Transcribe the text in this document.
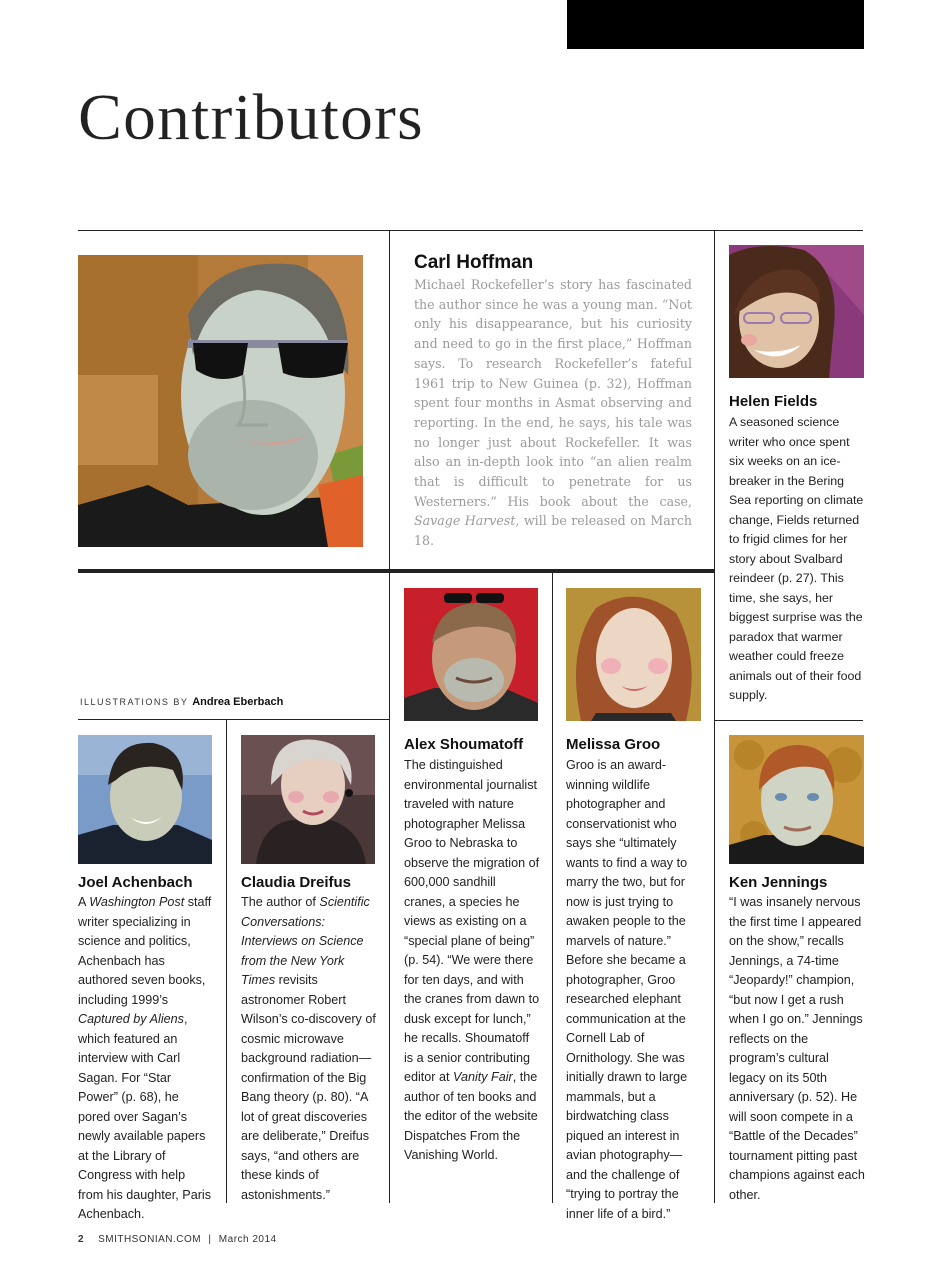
Contributors
Carl Hoffman
Michael Rockefeller’s story has fascinated the author since he was a young man. “Not only his disappearance, but his curiosity and need to go in the first place,” Hoffman says. To research Rockefeller’s fateful 1961 trip to New Guinea (p. 32), Hoffman spent four months in Asmat observing and reporting. In the end, he says, his tale was no longer just about Rockefeller. It was also an in-depth look into “an alien realm that is difficult to penetrate for us Westerners.” His book about the case, Savage Harvest, will be released on March 18.
Helen Fields
A seasoned science writer who once spent six weeks on an ice-breaker in the Bering Sea reporting on climate change, Fields returned to frigid climes for her story about Svalbard reindeer (p. 27). This time, she says, her biggest surprise was the paradox that warmer weather could freeze animals out of their food supply.
ILLUSTRATIONS BY Andrea Eberbach
Alex Shoumatoff
The distinguished environmental journalist traveled with nature photographer Melissa Groo to Nebraska to observe the migration of 600,000 sandhill cranes, a species he views as existing on a “special plane of being” (p. 54). “We were there for ten days, and with the cranes from dawn to dusk except for lunch,” he recalls. Shoumatoff is a senior contributing editor at Vanity Fair, the author of ten books and the editor of the website Dispatches From the Vanishing World.
Melissa Groo
Groo is an award-winning wildlife photographer and conservationist who says she “ultimately wants to find a way to marry the two, but for now is just trying to awaken people to the marvels of nature.” Before she became a photographer, Groo researched elephant communication at the Cornell Lab of Ornithology. She was initially drawn to large mammals, but a birdwatching class piqued an interest in avian photography—and the challenge of “trying to portray the inner life of a bird.”
Joel Achenbach
A Washington Post staff writer specializing in science and politics, Achenbach has authored seven books, including 1999’s Captured by Aliens, which featured an interview with Carl Sagan. For “Star Power” (p. 68), he pored over Sagan’s newly available papers at the Library of Congress with help from his daughter, Paris Achenbach.
Claudia Dreifus
The author of Scientific Conversations: Interviews on Science from the New York Times revisits astronomer Robert Wilson’s co-discovery of cosmic microwave background radiation—confirmation of the Big Bang theory (p. 80). “A lot of great discoveries are deliberate,” Dreifus says, “and others are these kinds of astonishments.”
Ken Jennings
“I was insanely nervous the first time I appeared on the show,” recalls Jennings, a 74-time “Jeopardy!” champion, “but now I get a rush when I go on.” Jennings reflects on the program’s cultural legacy on its 50th anniversary (p. 52). He will soon compete in a “Battle of the Decades” tournament pitting past champions against each other.
2 SMITHSONIAN.COM | March 2014
